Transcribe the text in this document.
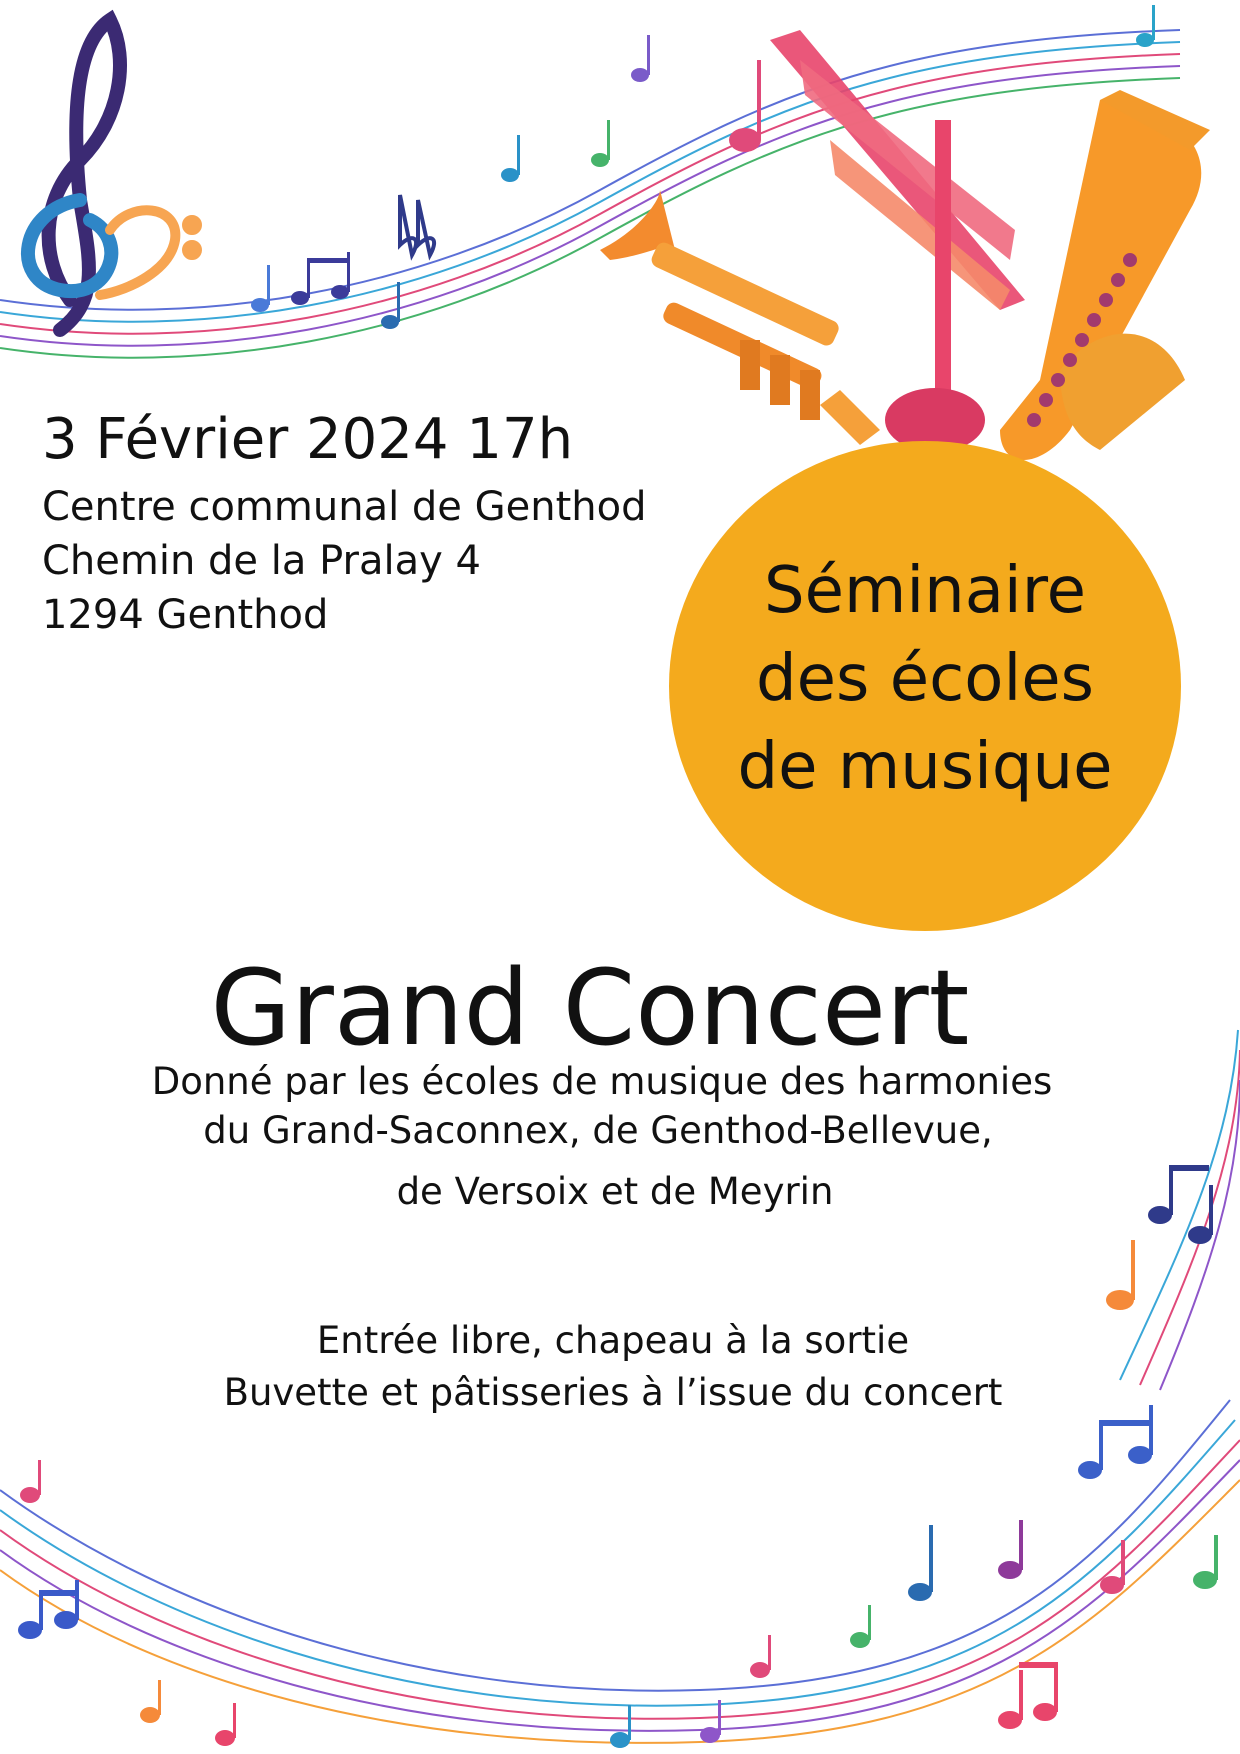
3 Février 2024 17h

Centre communal de Genthod

Chemin de la Pralay 4

1294 Genthod	Séminaire
des écoles
de musique
Grand Concert
Donné par les écoles de musique des harmonies
du Grand-Saconnex, de Genthod-Bellevue,
de Versoix et de Meyrin
Entrée libre, chapeau à la sortie
Buvette et pâtisseries à l’issue du concert
